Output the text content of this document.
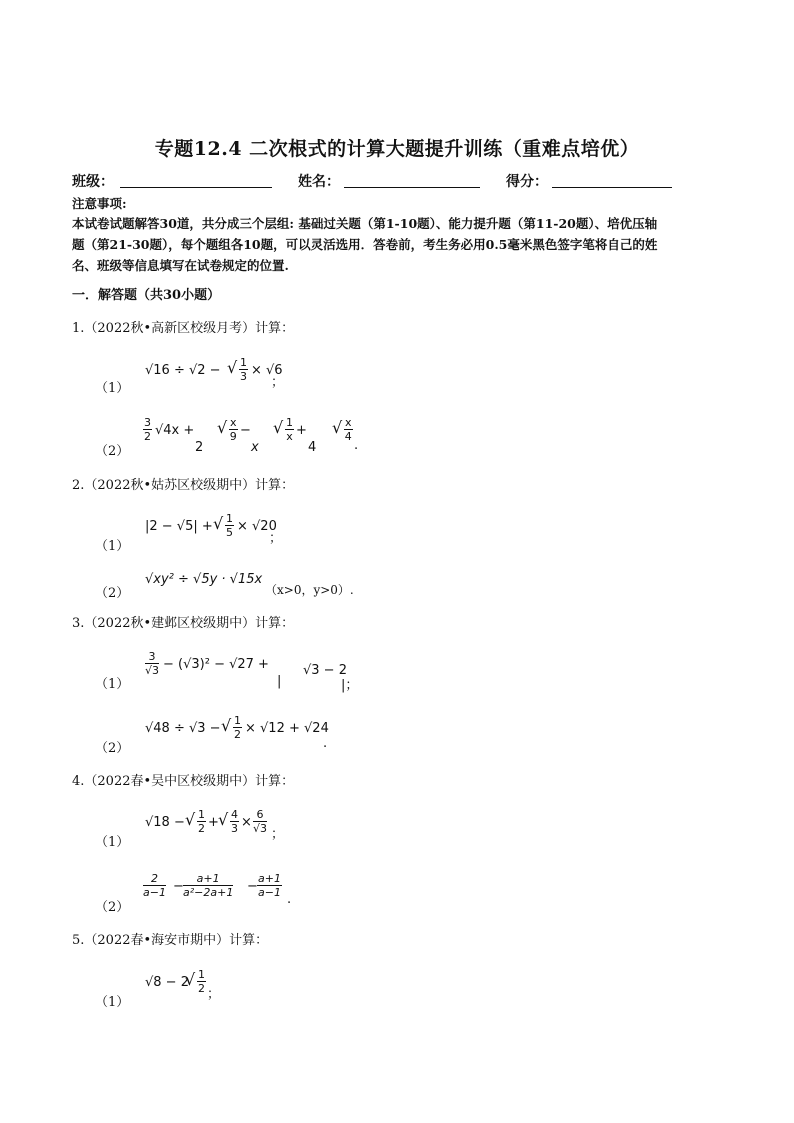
专题12.4 二次根式的计算大题提升训练（重难点培优）
班级：	姓名：	得分：
注意事项:
本试卷试题解答30道，共分成三个层组: 基础过关题（第1-10题）、能力提升题（第11-20题）、培优压轴
题（第21-30题），每个题组各10题，可以灵活选用．答卷前，考生务必用0.5毫米黑色签字笔将自己的姓
名、班级等信息填写在试卷规定的位置.
一．解答题（共30小题）
1.（2022秋•高新区校级月考）计算：
（1）
√16 ÷ √2 − √ $\frac{1}{3} \times √6$
；
（2）
$\frac{3}{2} √4x$ +
2
√ $\frac{x}{9}$ −
x
√ $\frac{1}{x}$ +
4
√ $\frac{x}{4}$
.
2.（2022秋•姑苏区校级期中）计算：
（1）
|2 − √5| + √ $\frac{1}{5} \times √20$
；
（2）
√xy² ÷ √5y · √15x
（x>0，y>0）.
3.（2022秋•建邺区校级期中）计算：
（1）
$\frac{3}{√3} - (√3)^2 - √27$ +
|
√3 − 2
|；
（2）
√48 ÷ √3 − √ $\frac{1}{2} \times √12 + √24$
.
4.（2022春•吴中区校级期中）计算：
（1）
√18 − √ $\frac{1}{2}$ + √ $\frac{4}{3} \times \frac{6}{√3}$ ；
（2）
$\frac{2}{a-1} - \frac{a+1}{\text{a²−2a+1}} - \frac{a+1}{a-1}$
.
5.（2022春•海安市期中）计算：
（1）
√8 − 2
√ $\frac{1}{2}$ ；
